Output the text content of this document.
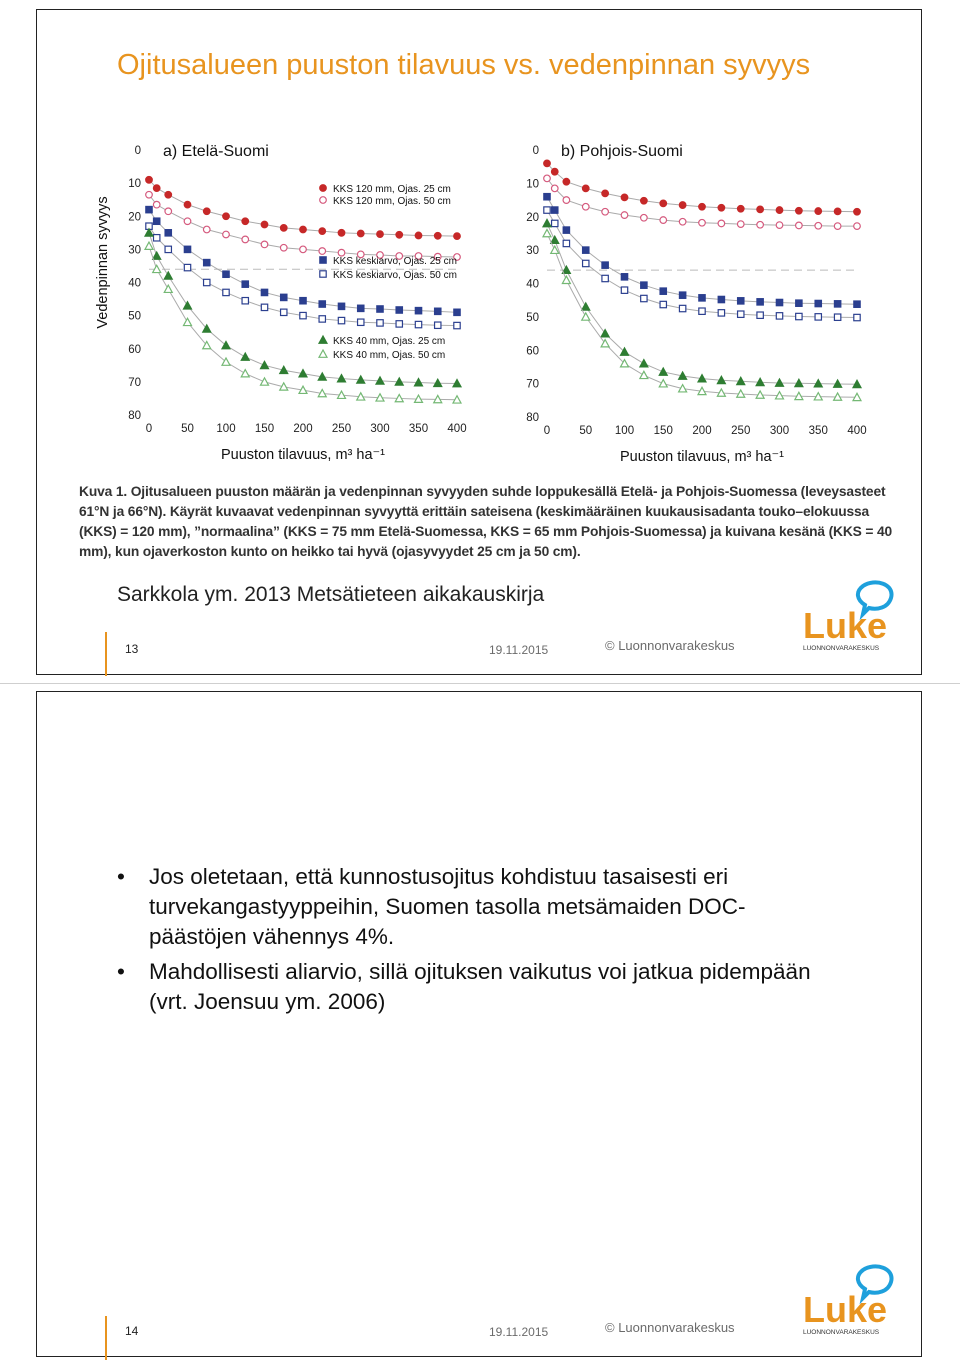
Ojitusalueen puuston tilavuus vs. vedenpinnan syvyys
0
10
20
30
40
50
60
70
80
0	50 100 150 200 250 300 350 400
a) Etelä-Suomi
Puuston tilavuus, m³ ha⁻¹
Vedenpinnan syvyys
KKS 120 mm, Ojas. 25 cm
KKS 120 mm, Ojas. 50 cm
KKS keskiarvo, Ojas. 25 cm
KKS keskiarvo, Ojas. 50 cm
KKS 40 mm, Ojas. 25 cm
KKS 40 mm, Ojas. 50 cm
0
10
20
30
40
50
60
70
80
0	50 100 150 200 250 300 350 400
b) Pohjois-Suomi
Puuston tilavuus, m³ ha⁻¹
Kuva 1. Ojitusalueen puuston määrän ja vedenpinnan syvyyden suhde loppukesällä Etelä- ja Pohjois-Suomessa (leveysasteet 61°N ja 66°N). Käyrät kuvaavat vedenpinnan syvyyttä erittäin sateisena (keskimääräinen kuukausisadanta touko–elokuussa (KKS) = 120 mm), ”normaalina” (KKS = 75 mm Etelä-Suomessa, KKS = 65 mm Pohjois-Suomessa) ja kuivana kesänä (KKS = 40 mm), kun ojaverkoston kunto on heikko tai hyvä (ojasyvyydet 25 cm ja 50 cm).
Sarkkola ym. 2013 Metsätieteen aikakauskirja
13	19.11.2015	© Luonnonvarakeskus Luke
LUONNONVARAKESKUS
• Jos oletetaan, että kunnostusojitus kohdistuu tasaisesti eri turvekangastyyppeihin, Suomen tasolla metsämaiden DOC-päästöjen vähennys 4%.
• Mahdollisesti aliarvio, sillä ojituksen vaikutus voi jatkua pidempään (vrt. Joensuu ym. 2006)
14	19.11.2015	© Luonnonvarakeskus Luke
LUONNONVARAKESKUS
